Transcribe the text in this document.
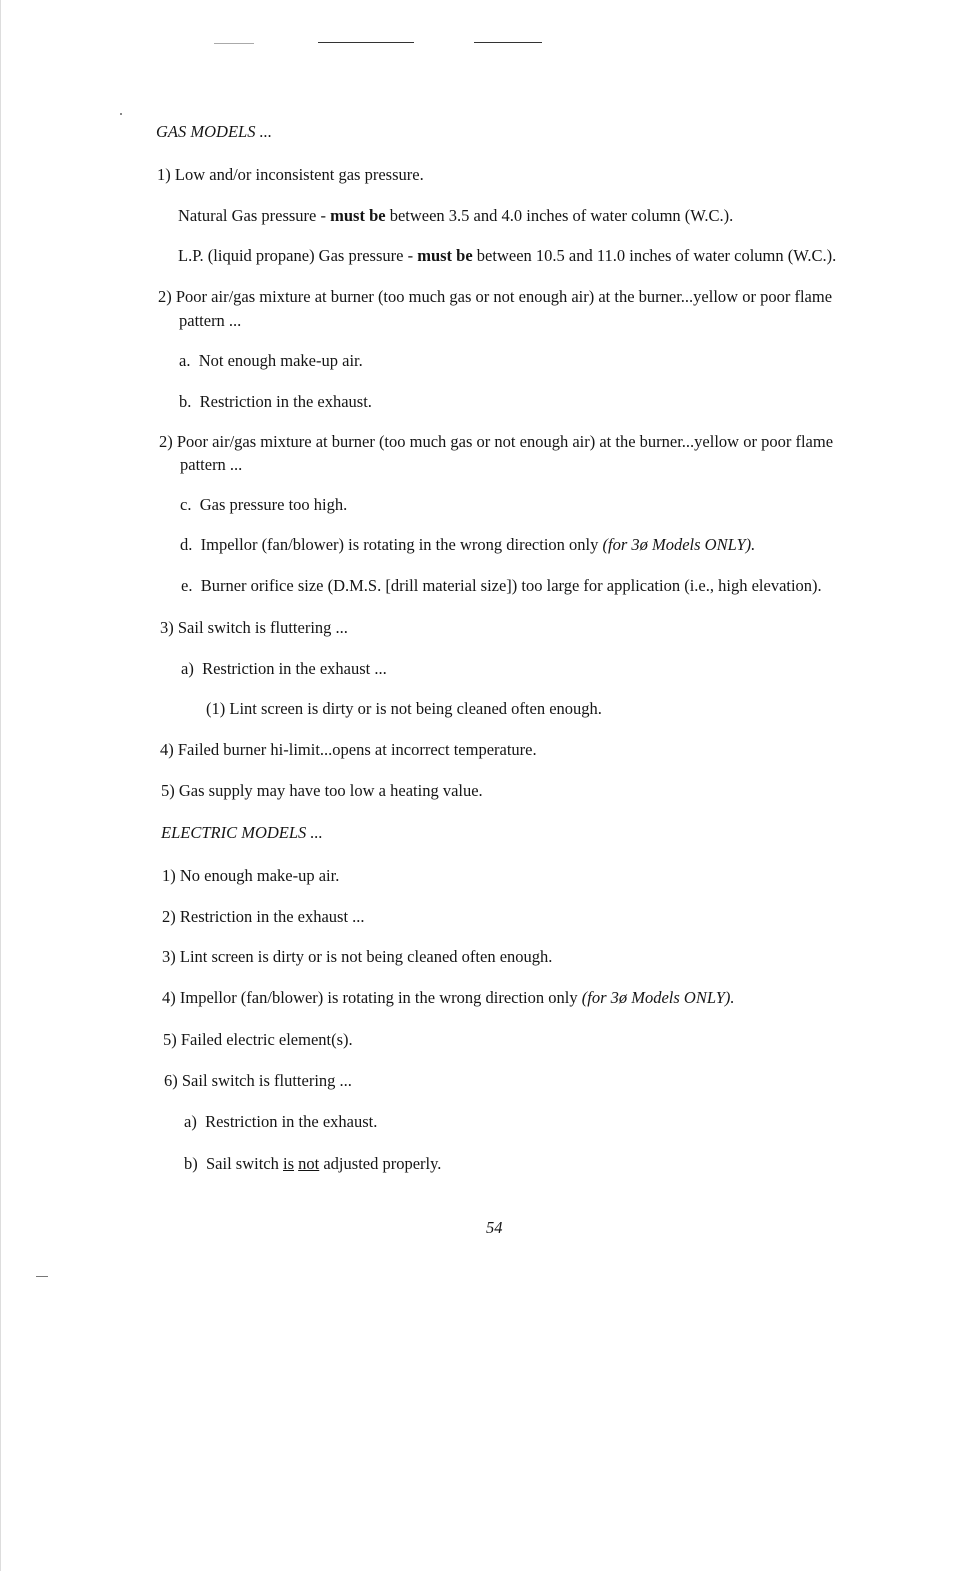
GAS MODELS ...
1) Low and/or inconsistent gas pressure.
Natural Gas pressure - must be between 3.5 and 4.0 inches of water column (W.C.).
L.P. (liquid propane) Gas pressure - must be between 10.5 and 11.0 inches of water column (W.C.).
2) Poor air/gas mixture at burner (too much gas or not enough air) at the burner...yellow or poor flame
pattern ...
a.  Not enough make-up air.
b.  Restriction in the exhaust.
2) Poor air/gas mixture at burner (too much gas or not enough air) at the burner...yellow or poor flame
pattern ...
c.  Gas pressure too high.
d.  Impellor (fan/blower) is rotating in the wrong direction only (for 3ø Models ONLY).
e.  Burner orifice size (D.M.S. [drill material size]) too large for application (i.e., high elevation).
3) Sail switch is fluttering ...
a)  Restriction in the exhaust ...
(1) Lint screen is dirty or is not being cleaned often enough.
4) Failed burner hi-limit...opens at incorrect temperature.
5) Gas supply may have too low a heating value.
ELECTRIC MODELS ...
1) No enough make-up air.
2) Restriction in the exhaust ...
3) Lint screen is dirty or is not being cleaned often enough.
4) Impellor (fan/blower) is rotating in the wrong direction only (for 3ø Models ONLY).
5) Failed electric element(s).
6) Sail switch is fluttering ...
a)  Restriction in the exhaust.
b)  Sail switch is not adjusted properly.
54
